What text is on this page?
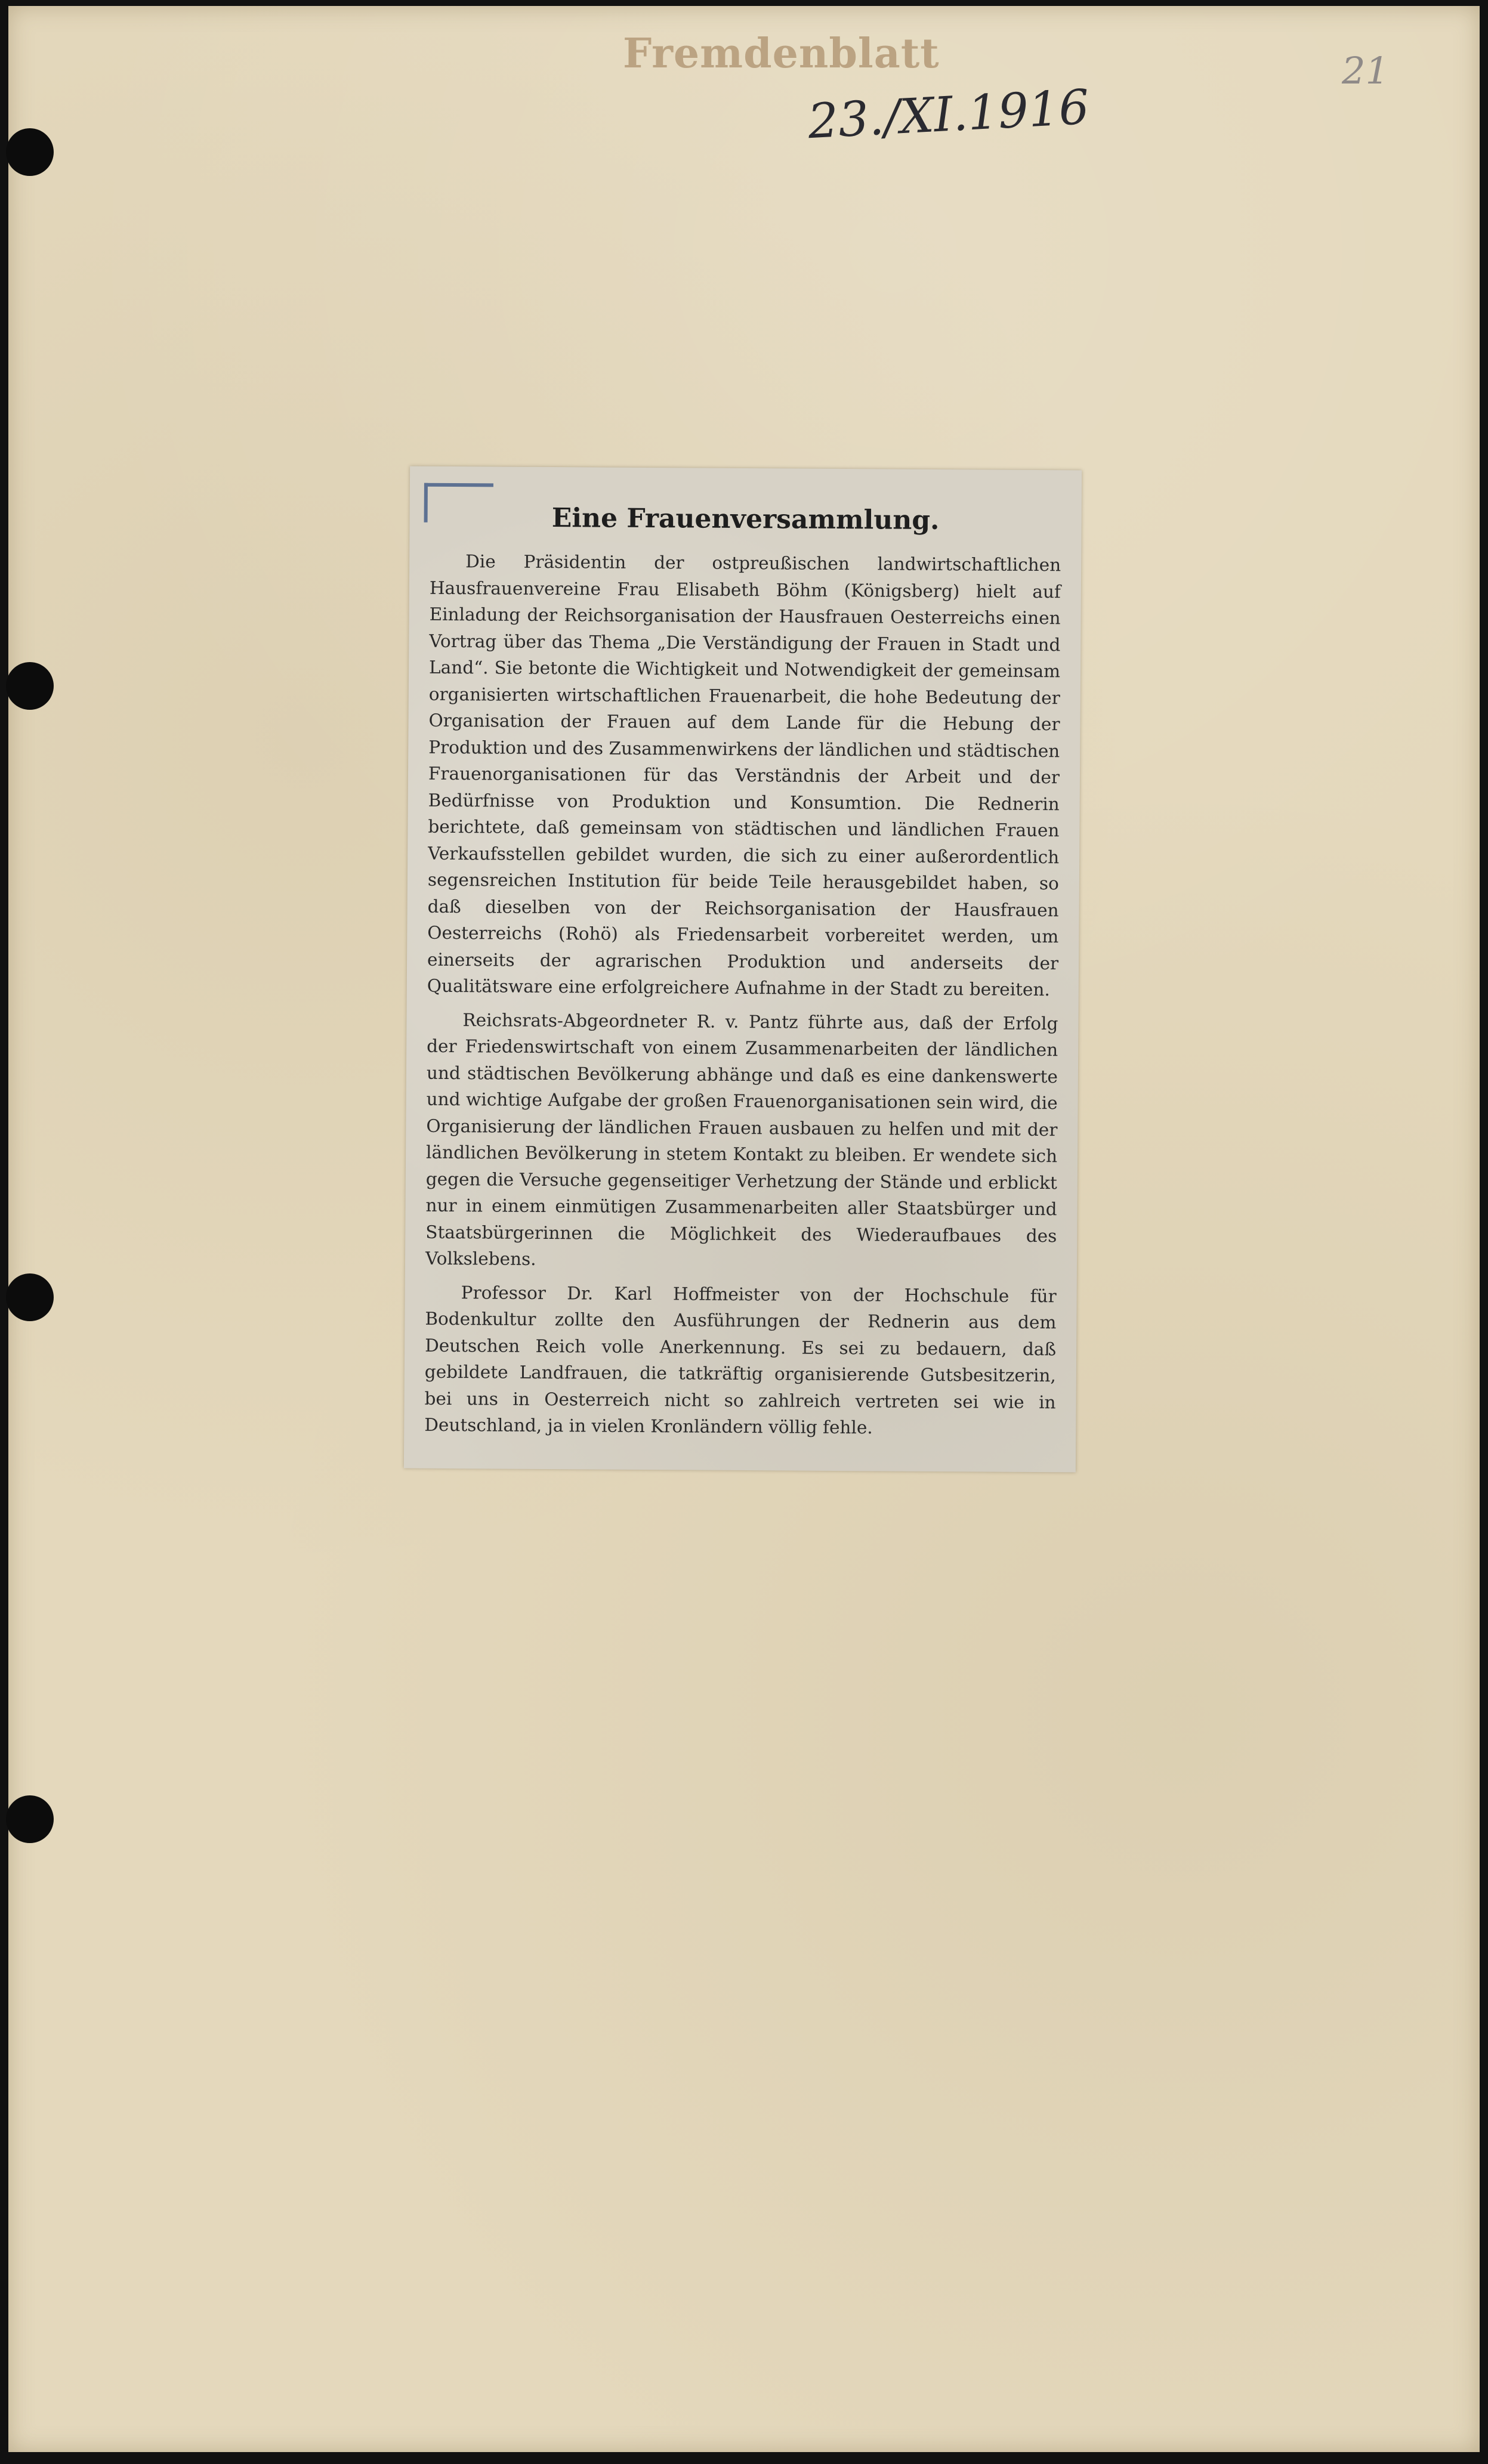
Fremdenblatt
23./XI.1916
21
Eine Frauenversammlung.

Die Präsidentin der ostpreußischen landwirtschaftlichen Hausfrauenvereine Frau Elisabeth Böhm (Königsberg) hielt auf Einladung der Reichsorganisation der Hausfrauen Oesterreichs einen Vortrag über das Thema „Die Verständigung der Frauen in Stadt und Land“. Sie betonte die Wichtigkeit und Notwendigkeit der gemeinsam organisierten wirtschaftlichen Frauenarbeit, die hohe Bedeutung der Organisation der Frauen auf dem Lande für die Hebung der Produktion und des Zusammenwirkens der ländlichen und städtischen Frauenorganisationen für das Verständnis der Arbeit und der Bedürfnisse von Produktion und Konsumtion. Die Rednerin berichtete, daß gemeinsam von städtischen und ländlichen Frauen Verkaufsstellen gebildet wurden, die sich zu einer außerordentlich segensreichen Institution für beide Teile herausgebildet haben, so daß dieselben von der Reichsorganisation der Hausfrauen Oesterreichs (Rohö) als Friedensarbeit vorbereitet werden, um einerseits der agrarischen Produktion und anderseits der Qualitätsware eine erfolgreichere Aufnahme in der Stadt zu bereiten.

Reichsrats-Abgeordneter R. v. Pantz führte aus, daß der Erfolg der Friedenswirtschaft von einem Zusammenarbeiten der ländlichen und städtischen Bevölkerung abhänge und daß es eine dankenswerte und wichtige Aufgabe der großen Frauenorganisationen sein wird, die Organisierung der ländlichen Frauen ausbauen zu helfen und mit der ländlichen Bevölkerung in stetem Kontakt zu bleiben. Er wendete sich gegen die Versuche gegenseitiger Verhetzung der Stände und erblickt nur in einem einmütigen Zusammenarbeiten aller Staatsbürger und Staatsbürgerinnen die Möglichkeit des Wiederaufbaues des Volkslebens.

Professor Dr. Karl Hoffmeister von der Hochschule für Bodenkultur zollte den Ausführungen der Rednerin aus dem Deutschen Reich volle Anerkennung. Es sei zu bedauern, daß gebildete Landfrauen, die tatkräftig organisierende Gutsbesitzerin, bei uns in Oesterreich nicht so zahlreich vertreten sei wie in Deutschland, ja in vielen Kronländern völlig fehle.
